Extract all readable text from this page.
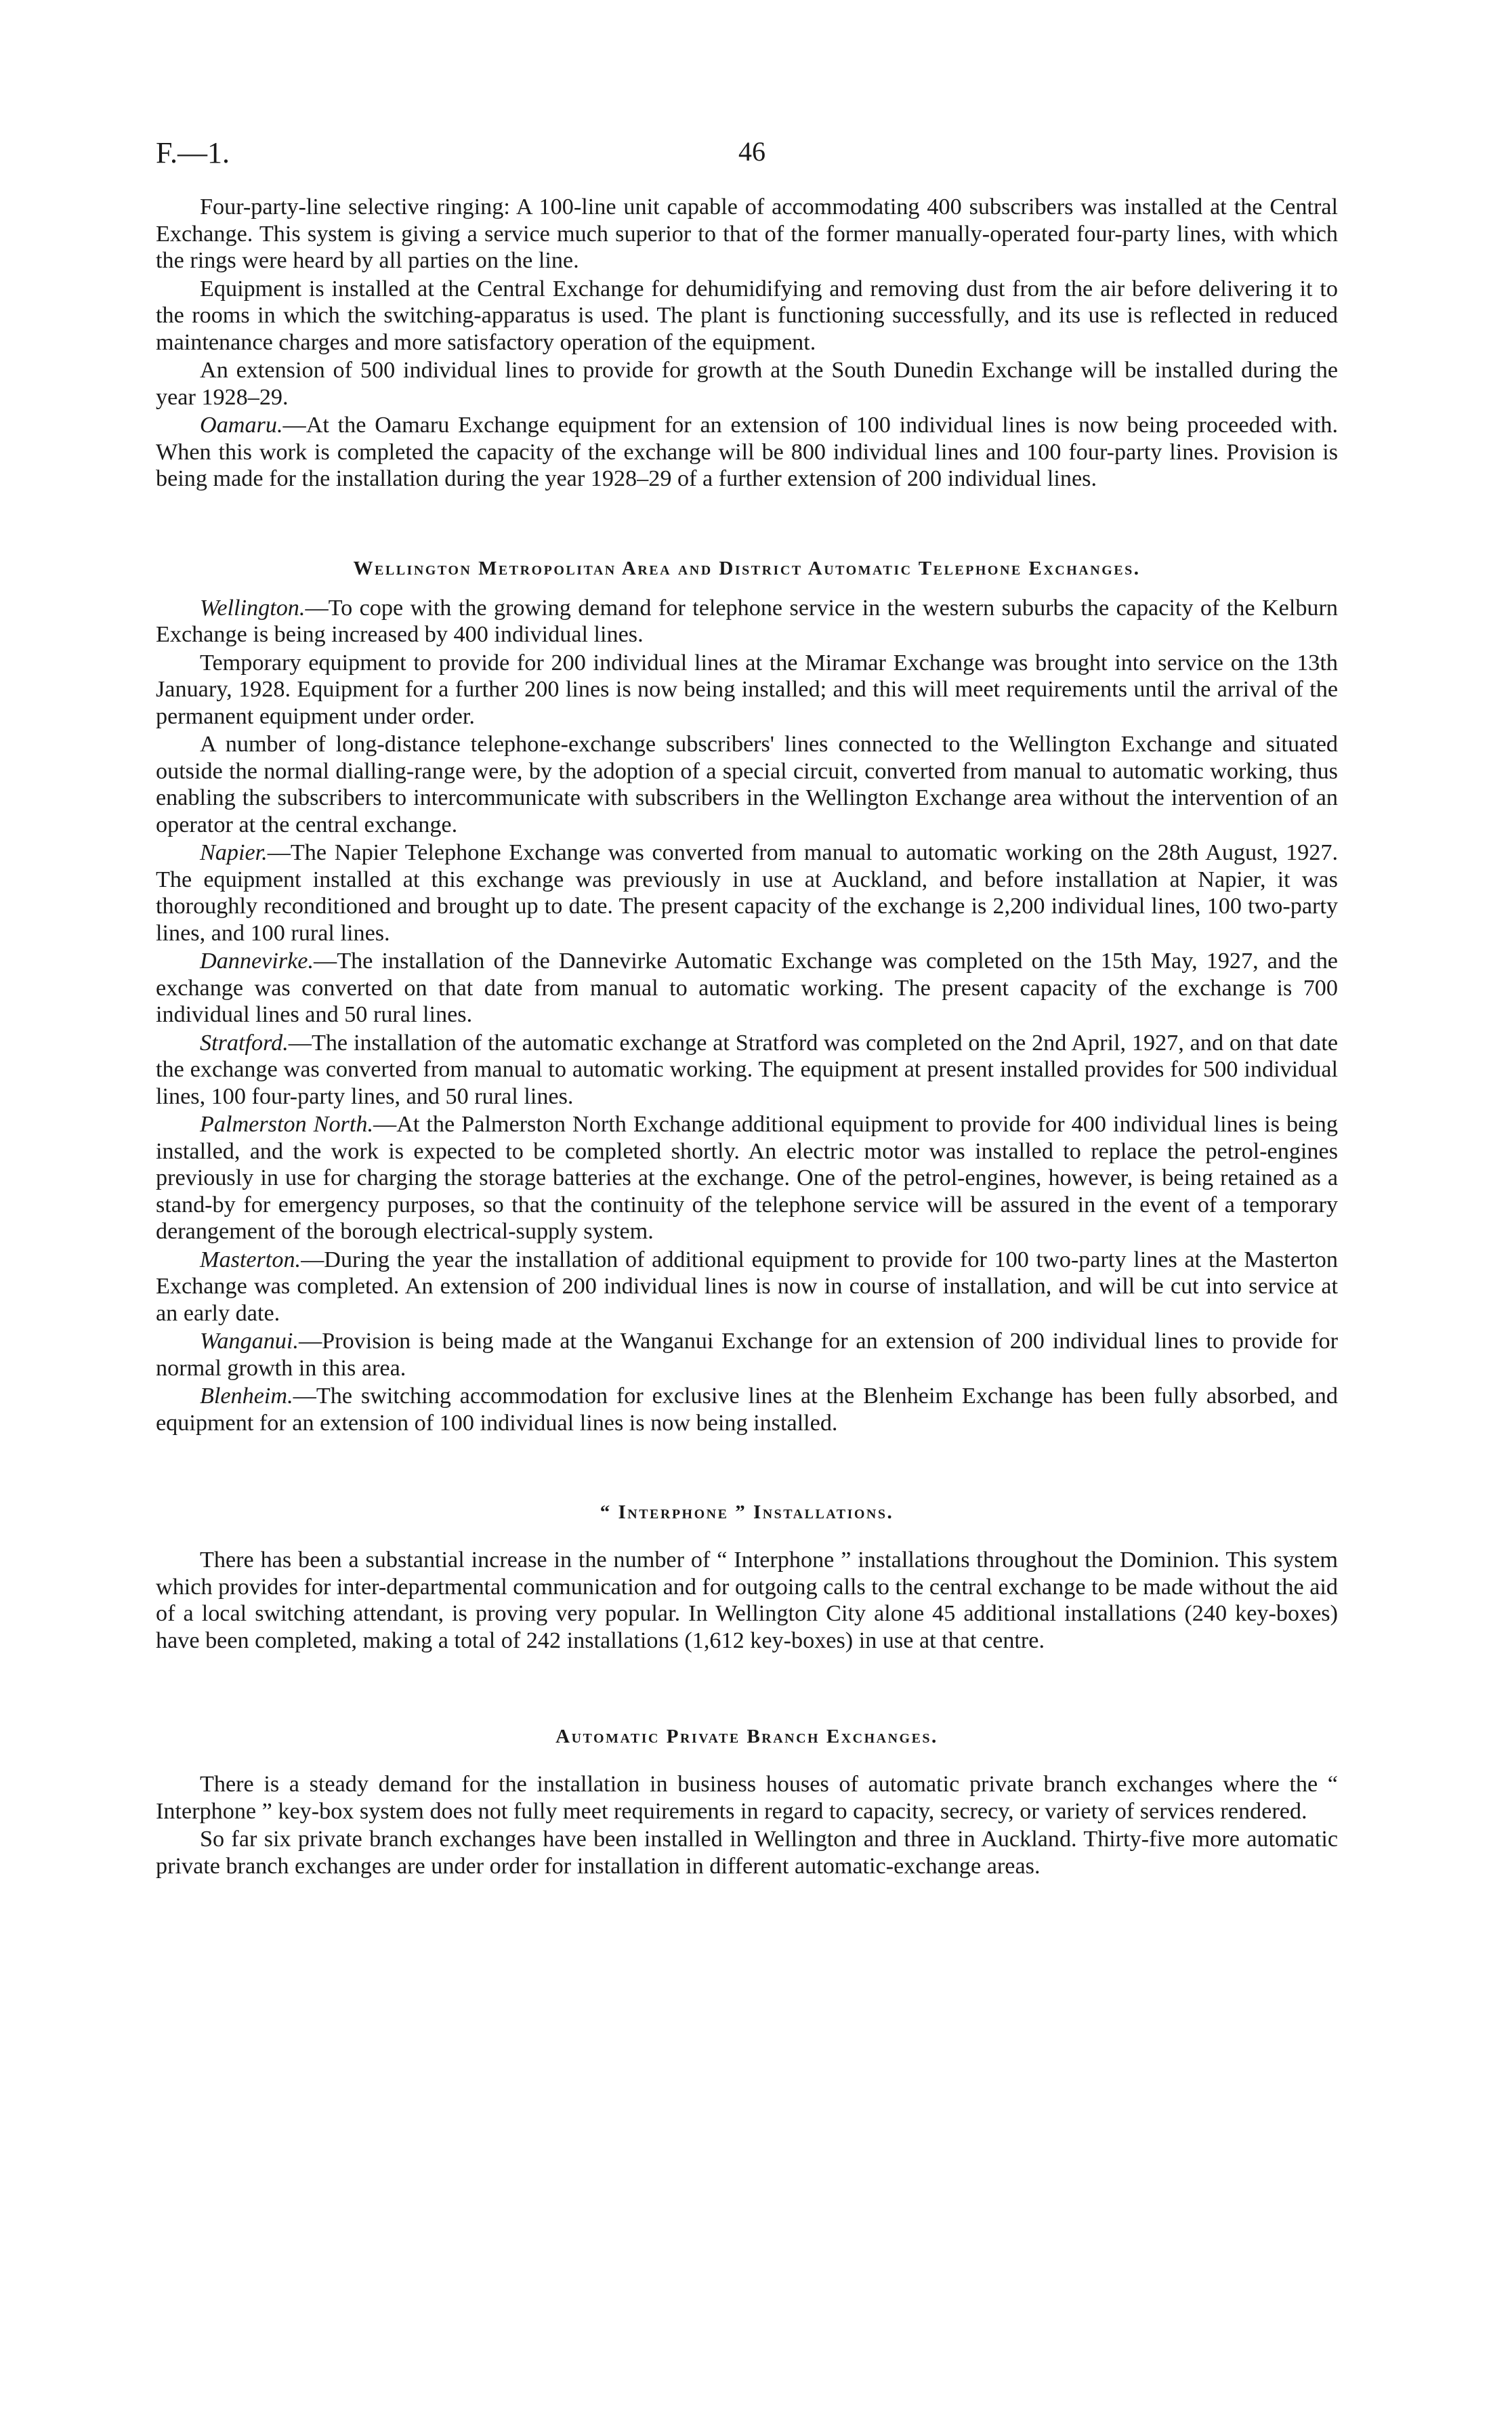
F.—1.	46

Four-party-line selective ringing: A 100-line unit capable of accommodating 400 subscribers was installed at the Central Exchange. This system is giving a service much superior to that of the former manually-operated four-party lines, with which the rings were heard by all parties on the line.

Equipment is installed at the Central Exchange for dehumidifying and removing dust from the air before delivering it to the rooms in which the switching-apparatus is used. The plant is functioning successfully, and its use is reflected in reduced maintenance charges and more satisfactory operation of the equipment.

An extension of 500 individual lines to provide for growth at the South Dunedin Exchange will be installed during the year 1928–29.

Oamaru.—At the Oamaru Exchange equipment for an extension of 100 individual lines is now being proceeded with. When this work is completed the capacity of the exchange will be 800 individual lines and 100 four-party lines. Provision is being made for the installation during the year 1928–29 of a further extension of 200 individual lines.

Wellington Metropolitan Area and District Automatic Telephone Exchanges.

Wellington.—To cope with the growing demand for telephone service in the western suburbs the capacity of the Kelburn Exchange is being increased by 400 individual lines.

Temporary equipment to provide for 200 individual lines at the Miramar Exchange was brought into service on the 13th January, 1928. Equipment for a further 200 lines is now being installed; and this will meet requirements until the arrival of the permanent equipment under order.

A number of long-distance telephone-exchange subscribers' lines connected to the Wellington Exchange and situated outside the normal dialling-range were, by the adoption of a special circuit, converted from manual to automatic working, thus enabling the subscribers to intercommunicate with subscribers in the Wellington Exchange area without the intervention of an operator at the central exchange.

Napier.—The Napier Telephone Exchange was converted from manual to automatic working on the 28th August, 1927. The equipment installed at this exchange was previously in use at Auckland, and before installation at Napier, it was thoroughly reconditioned and brought up to date. The present capacity of the exchange is 2,200 individual lines, 100 two-party lines, and 100 rural lines.

Dannevirke.—The installation of the Dannevirke Automatic Exchange was completed on the 15th May, 1927, and the exchange was converted on that date from manual to automatic working. The present capacity of the exchange is 700 individual lines and 50 rural lines.

Stratford.—The installation of the automatic exchange at Stratford was completed on the 2nd April, 1927, and on that date the exchange was converted from manual to automatic working. The equipment at present installed provides for 500 individual lines, 100 four-party lines, and 50 rural lines.

Palmerston North.—At the Palmerston North Exchange additional equipment to provide for 400 individual lines is being installed, and the work is expected to be completed shortly. An electric motor was installed to replace the petrol-engines previously in use for charging the storage batteries at the exchange. One of the petrol-engines, however, is being retained as a stand-by for emergency purposes, so that the continuity of the telephone service will be assured in the event of a temporary derangement of the borough electrical-supply system.

Masterton.—During the year the installation of additional equipment to provide for 100 two-party lines at the Masterton Exchange was completed. An extension of 200 individual lines is now in course of installation, and will be cut into service at an early date.

Wanganui.—Provision is being made at the Wanganui Exchange for an extension of 200 individual lines to provide for normal growth in this area.

Blenheim.—The switching accommodation for exclusive lines at the Blenheim Exchange has been fully absorbed, and equipment for an extension of 100 individual lines is now being installed.

“ Interphone ” Installations.

There has been a substantial increase in the number of “ Interphone ” installations throughout the Dominion. This system which provides for inter-departmental communication and for outgoing calls to the central exchange to be made without the aid of a local switching attendant, is proving very popular. In Wellington City alone 45 additional installations (240 key-boxes) have been completed, making a total of 242 installations (1,612 key-boxes) in use at that centre.

Automatic Private Branch Exchanges.

There is a steady demand for the installation in business houses of automatic private branch exchanges where the “ Interphone ” key-box system does not fully meet requirements in regard to capacity, secrecy, or variety of services rendered.

So far six private branch exchanges have been installed in Wellington and three in Auckland. Thirty-five more automatic private branch exchanges are under order for installation in different automatic-exchange areas.
